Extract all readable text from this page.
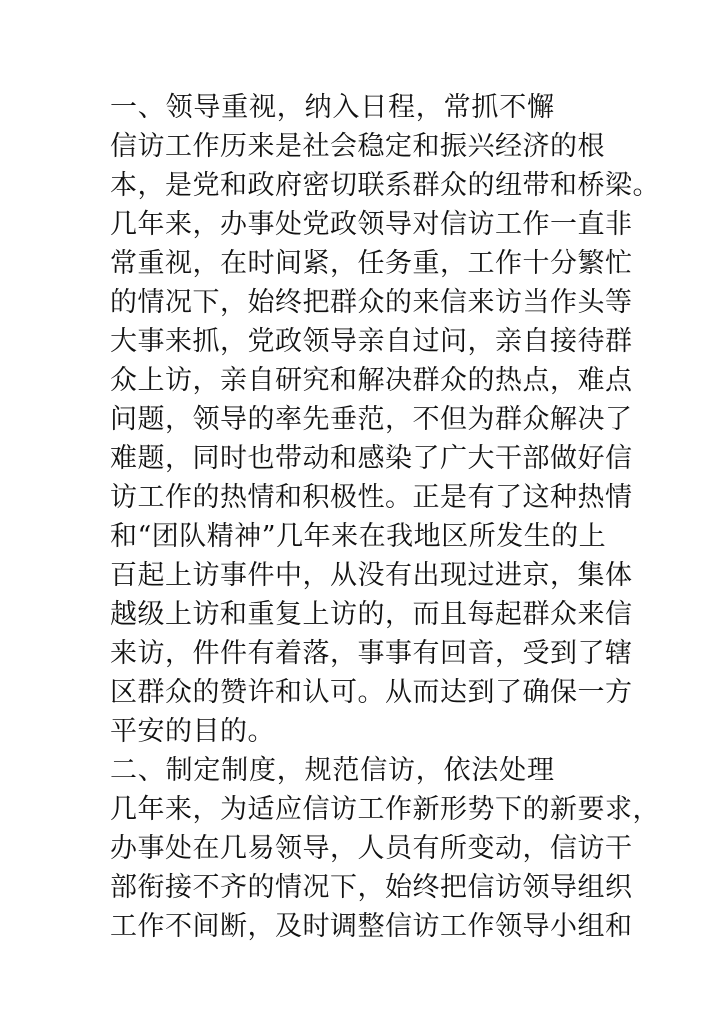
一、领导重视，纳入日程，常抓不懈
信访工作历来是社会稳定和振兴经济的根
本，是党和政府密切联系群众的纽带和桥梁。
几年来，办事处党政领导对信访工作一直非
常重视，在时间紧，任务重，工作十分繁忙
的情况下，始终把群众的来信来访当作头等
大事来抓，党政领导亲自过问，亲自接待群
众上访，亲自研究和解决群众的热点，难点
问题，领导的率先垂范，不但为群众解决了
难题，同时也带动和感染了广大干部做好信
访工作的热情和积极性。正是有了这种热情
和“团队精神”几年来在我地区所发生的上
百起上访事件中，从没有出现过进京，集体
越级上访和重复上访的，而且每起群众来信
来访，件件有着落，事事有回音，受到了辖
区群众的赞许和认可。从而达到了确保一方
平安的目的。
二、制定制度，规范信访，依法处理
几年来，为适应信访工作新形势下的新要求，
办事处在几易领导，人员有所变动，信访干
部衔接不齐的情况下，始终把信访领导组织
工作不间断，及时调整信访工作领导小组和
